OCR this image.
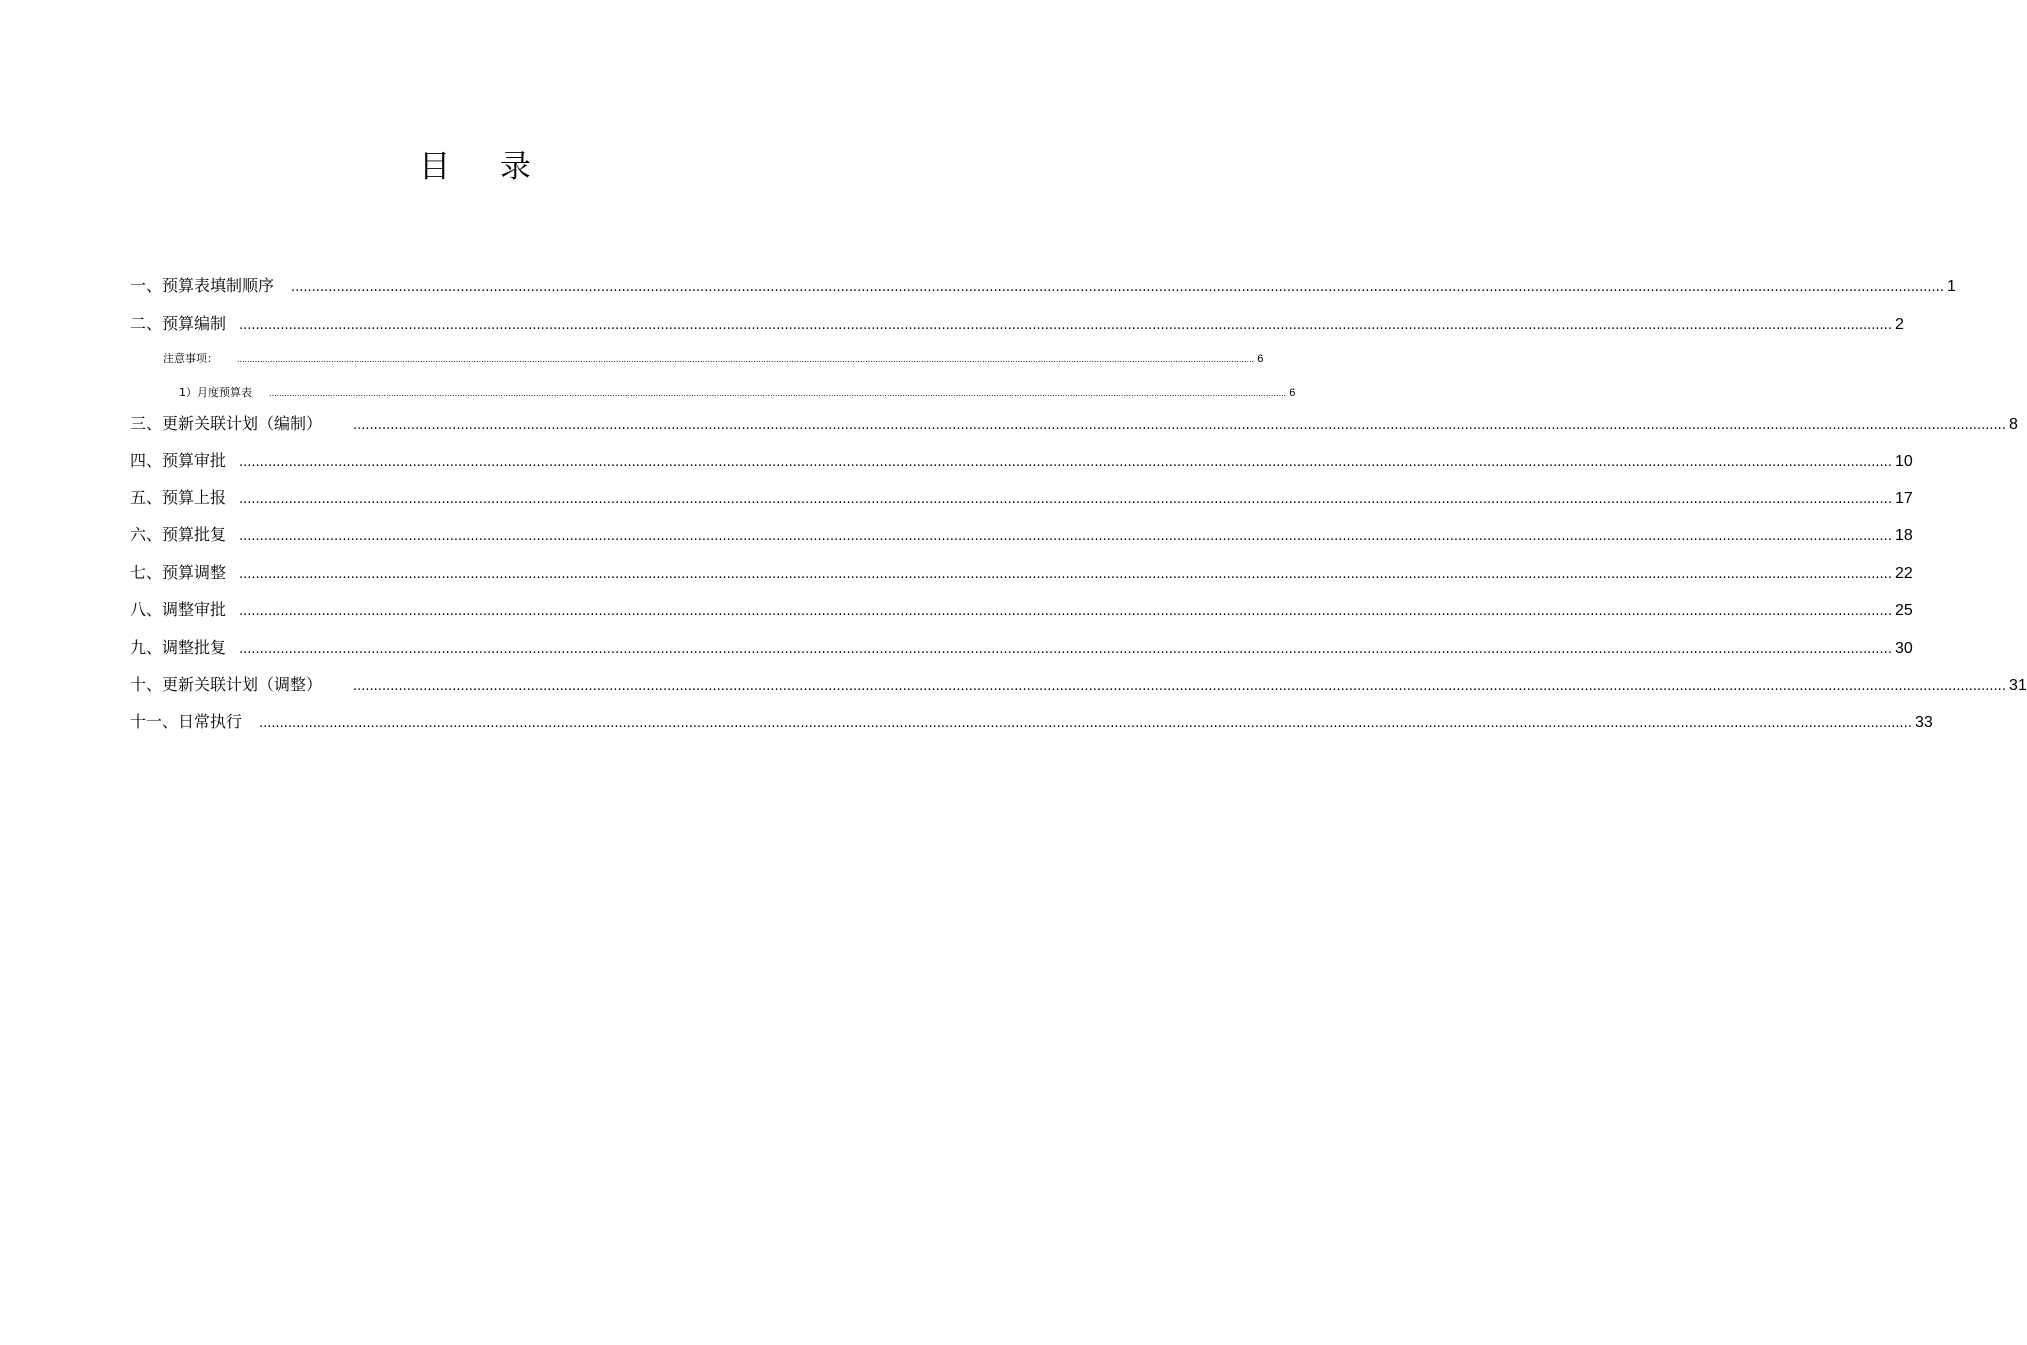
目 录
一、预算表填制顺序 ................................................................................................................................................................................................................................................................................................................................................................................................................ 1
二、预算编制 ................................................................................................................................................................................................................................................................................................................................................................................................................ 2
注意事项： ................................................................................................................................................................................................................................................................................................................................................................................................................ 6
1）月度预算表 ................................................................................................................................................................................................................................................................................................................................................................................................................ 6
三、更新关联计划（编制） ................................................................................................................................................................................................................................................................................................................................................................................................................ 8
四、预算审批 ................................................................................................................................................................................................................................................................................................................................................................................................................ 10
五、预算上报 ................................................................................................................................................................................................................................................................................................................................................................................................................ 17
六、预算批复 ................................................................................................................................................................................................................................................................................................................................................................................................................ 18
七、预算调整 ................................................................................................................................................................................................................................................................................................................................................................................................................ 22
八、调整审批 ................................................................................................................................................................................................................................................................................................................................................................................................................ 25
九、调整批复 ................................................................................................................................................................................................................................................................................................................................................................................................................ 30
十、更新关联计划（调整） ................................................................................................................................................................................................................................................................................................................................................................................................................ 31
十一、日常执行 ................................................................................................................................................................................................................................................................................................................................................................................................................ 33
